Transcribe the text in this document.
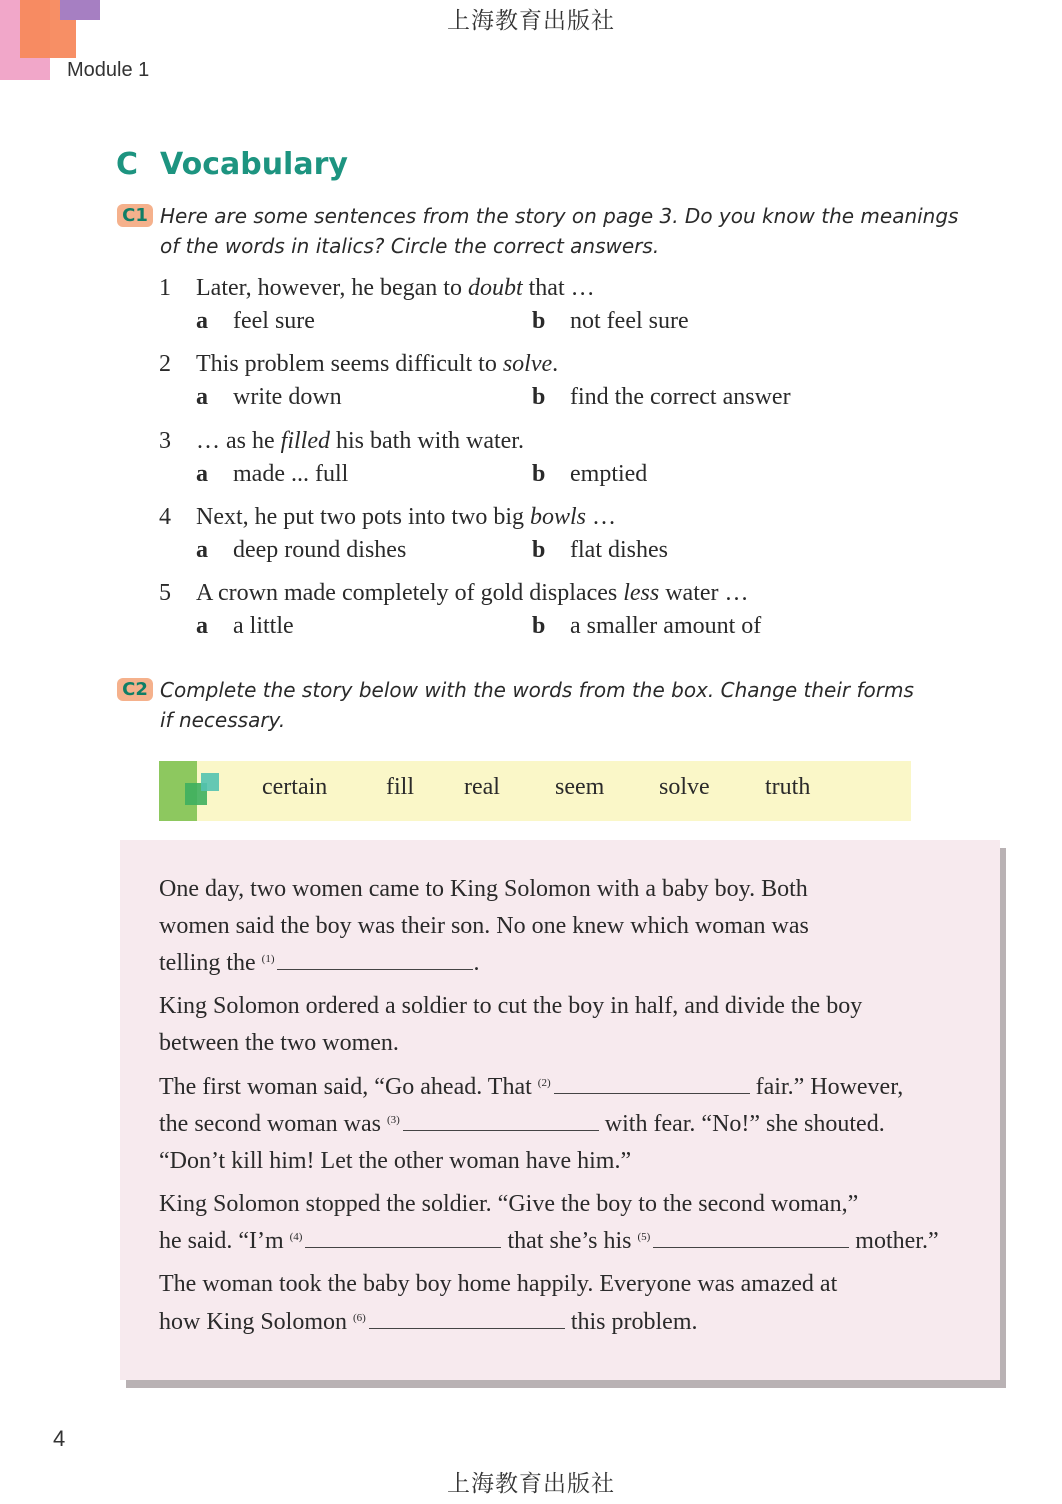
上海教育出版社
Module 1
C Vocabulary
C1 Here are some sentences from the story on page 3. Do you know the meanings of the words in italics? Circle the correct answers.
1 Later, however, he began to doubt that …
a feel sure	b not feel sure
2 This problem seems difficult to solve.
a write down	b find the correct answer
3 … as he filled his bath with water.
a made ... full	b emptied
4 Next, he put two pots into two big bowls …
a deep round dishes	b flat dishes
5 A crown made completely of gold displaces less water …
a a little	b a smaller amount of
C2 Complete the story below with the words from the box. Change their forms if necessary.
certain fill real seem solve truth
One day, two women came to King Solomon with a baby boy. Both
women said the boy was their son. No one knew which woman was
telling the $^{(1)}$	.
King Solomon ordered a soldier to cut the boy in half, and divide the boy
between the two women.
The first woman said, “Go ahead. That $^{(2)}$	fair.” However,
the second woman was $^{(3)}$	with fear. “No!” she shouted.
“Don’t kill him! Let the other woman have him.”
King Solomon stopped the soldier. “Give the boy to the second woman,”
he said. “I’m $^{(4)}$	that she’s his $^{(5)}$	mother.”
The woman took the baby boy home happily. Everyone was amazed at
how King Solomon $^{(6)}$	this problem.
4
上海教育出版社
